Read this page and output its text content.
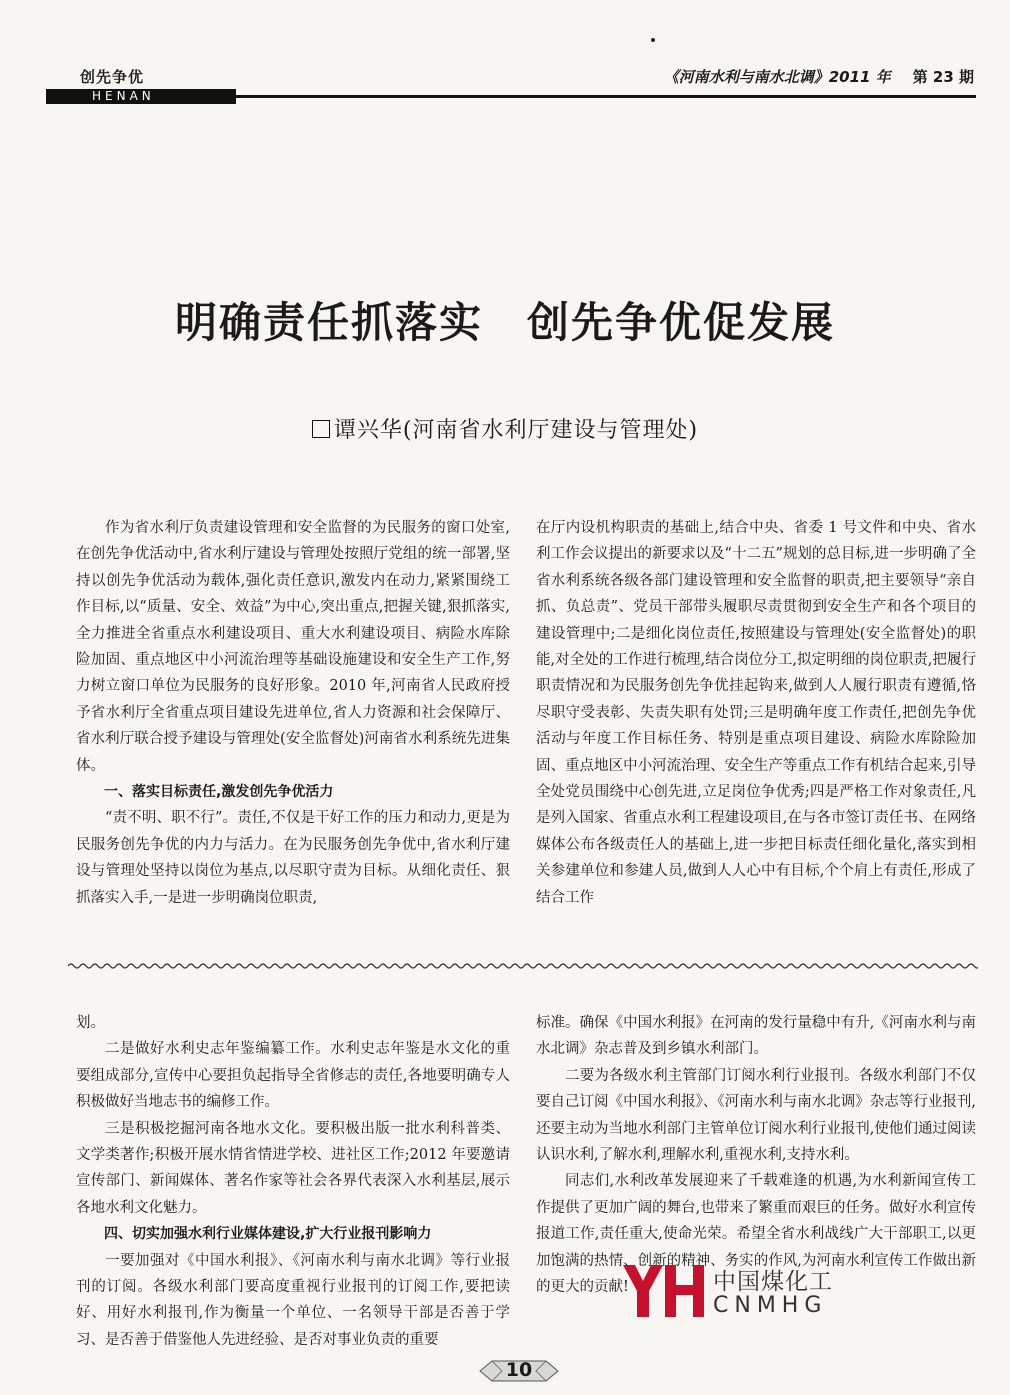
创先争优	《河南水利与南水北调》2011 年 第 23 期
HENAN
明确责任抓落实　创先争优促发展
谭兴华(河南省水利厅建设与管理处)

作为省水利厅负责建设管理和安全监督的为民服务的窗口处室,在创先争优活动中,省水利厅建设与管理处按照厅党组的统一部署,坚持以创先争优活动为载体,强化责任意识,激发内在动力,紧紧围绕工作目标,以“质量、安全、效益”为中心,突出重点,把握关键,狠抓落实,全力推进全省重点水利建设项目、重大水利建设项目、病险水库除险加固、重点地区中小河流治理等基础设施建设和安全生产工作,努力树立窗口单位为民服务的良好形象。2010 年,河南省人民政府授予省水利厅全省重点项目建设先进单位,省人力资源和社会保障厅、省水利厅联合授予建设与管理处(安全监督处)河南省水利系统先进集体。

一、落实目标责任,激发创先争优活力

“责不明、职不行”。责任,不仅是干好工作的压力和动力,更是为民服务创先争优的内力与活力。在为民服务创先争优中,省水利厅建设与管理处坚持以岗位为基点,以尽职守责为目标。从细化责任、狠抓落实入手,一是进一步明确岗位职责,

在厅内设机构职责的基础上,结合中央、省委 1 号文件和中央、省水利工作会议提出的新要求以及“十二五”规划的总目标,进一步明确了全省水利系统各级各部门建设管理和安全监督的职责,把主要领导“亲自抓、负总责”、党员干部带头履职尽责贯彻到安全生产和各个项目的建设管理中;二是细化岗位责任,按照建设与管理处(安全监督处)的职能,对全处的工作进行梳理,结合岗位分工,拟定明细的岗位职责,把履行职责情况和为民服务创先争优挂起钩来,做到人人履行职责有遵循,恪尽职守受表彰、失责失职有处罚;三是明确年度工作责任,把创先争优活动与年度工作目标任务、特别是重点项目建设、病险水库除险加固、重点地区中小河流治理、安全生产等重点工作有机结合起来,引导全处党员围绕中心创先进,立足岗位争优秀;四是严格工作对象责任,凡是列入国家、省重点水利工程建设项目,在与各市签订责任书、在网络媒体公布各级责任人的基础上,进一步把目标责任细化量化,落实到相关参建单位和参建人员,做到人人心中有目标,个个肩上有责任,形成了结合工作

划。

二是做好水利史志年鉴编纂工作。水利史志年鉴是水文化的重要组成部分,宣传中心要担负起指导全省修志的责任,各地要明确专人积极做好当地志书的编修工作。

三是积极挖掘河南各地水文化。要积极出版一批水利科普类、文学类著作;积极开展水情省情进学校、进社区工作;2012 年要邀请宣传部门、新闻媒体、著名作家等社会各界代表深入水利基层,展示各地水利文化魅力。

四、切实加强水利行业媒体建设,扩大行业报刊影响力

一要加强对《中国水利报》、《河南水利与南水北调》等行业报刊的订阅。各级水利部门要高度重视行业报刊的订阅工作,要把读好、用好水利报刊,作为衡量一个单位、一名领导干部是否善于学习、是否善于借鉴他人先进经验、是否对事业负责的重要

标准。确保《中国水利报》在河南的发行量稳中有升,《河南水利与南水北调》杂志普及到乡镇水利部门。

二要为各级水利主管部门订阅水利行业报刊。各级水利部门不仅要自己订阅《中国水利报》、《河南水利与南水北调》杂志等行业报刊,还要主动为当地水利部门主管单位订阅水利行业报刊,使他们通过阅读认识水利,了解水利,理解水利,重视水利,支持水利。

同志们,水利改革发展迎来了千载难逢的机遇,为水利新闻宣传工作提供了更加广阔的舞台,也带来了繁重而艰巨的任务。做好水利宣传报道工作,责任重大,使命光荣。希望全省水利战线广大干部职工,以更加饱满的热情、创新的精神、务实的作风,为河南水利宣传工作做出新的更大的贡献!	中国煤化工
CNMHG
10
